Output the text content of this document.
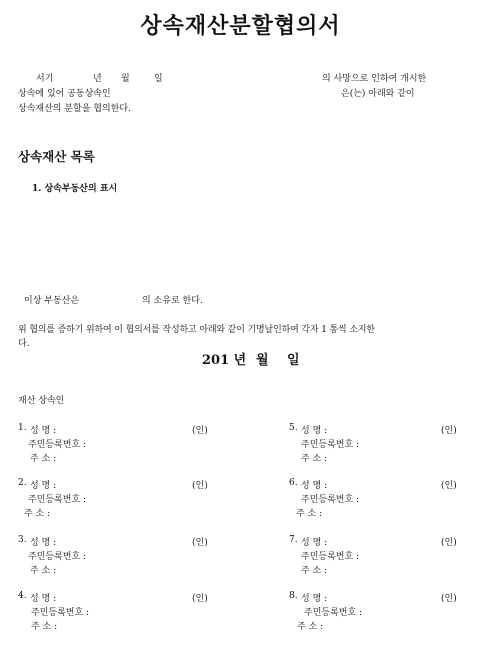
상속재산분할협의서
서기	년 월	일	의 사망으로 인하여 개시한
상속에 있어 공동상속인	은(는) 아래와 같이
상속재산의 분할을 협의한다.
상속재산 목록
1. 상속부동산의 표시
이상 부동산은	의 소유로 한다.
위 협의를 증하기 위하여 이 협의서를 작성하고 아래와 같이 기명날인하여 각자 1 통씩 소지한
다.
201 년 월 일
재산 상속인
1. 성 명 :	(인)
주민등록번호 :
주 소 :
2. 성 명 :	(인)
주민등록번호 :
주 소 :
3. 성 명 :	(인)
주민등록번호 :
주 소 :
4. 성 명 :	(인)
주민등록번호 :
주 소 :
5. 성 명 :	(인)
주민등록번호 :
주 소 :
6. 성 명 :	(인)
주민등록번호 :
주 소 :
7. 성 명 :	(인)
주민등록번호 :
주 소 :
8. 성 명 :	(인)
주민등록번호 :
주 소 :
